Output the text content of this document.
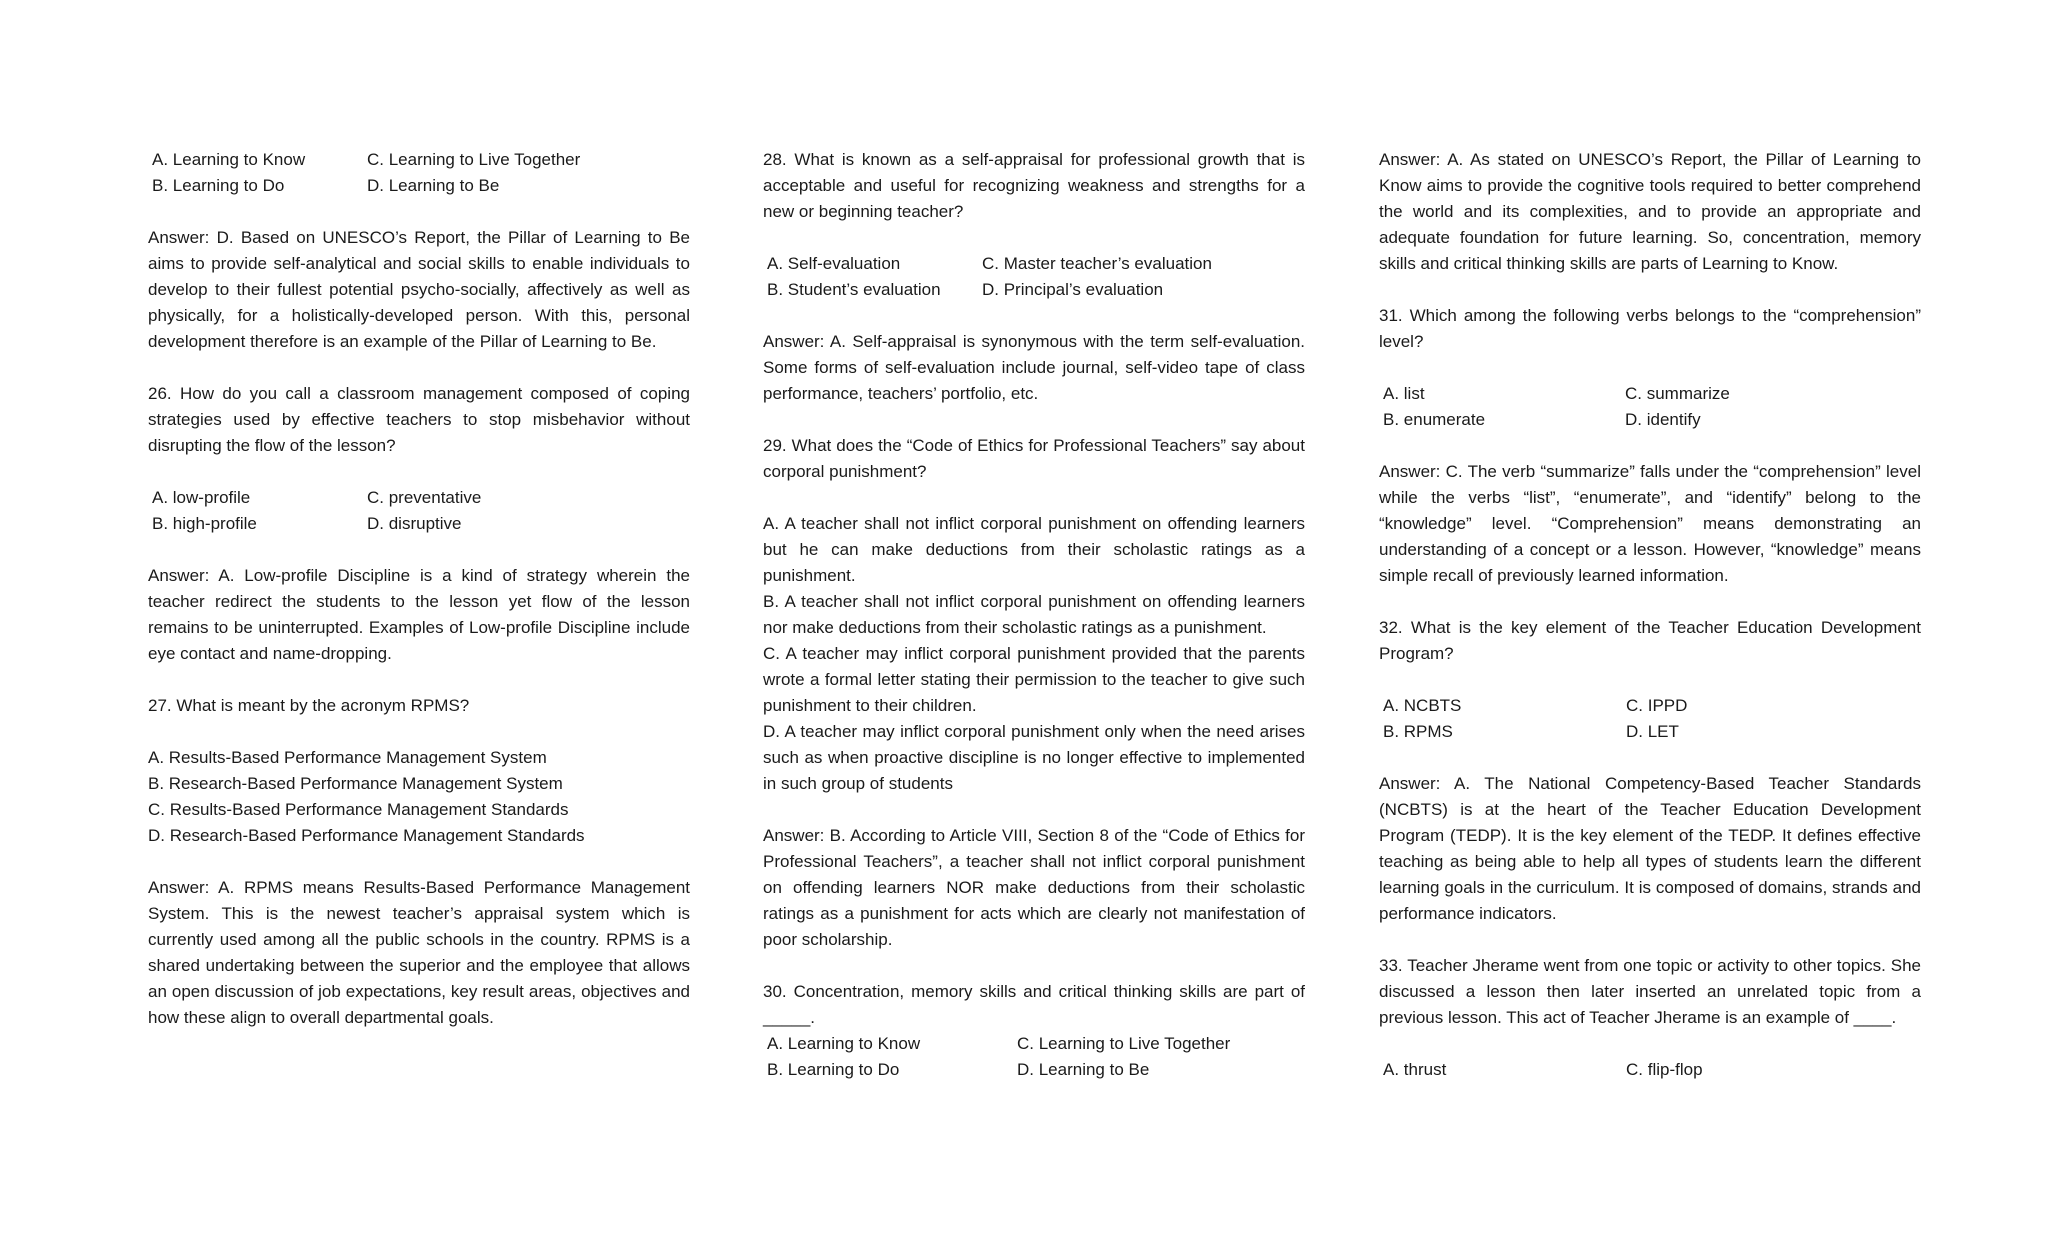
A. Learning to Know	C. Learning to Live Together
B. Learning to Do	D. Learning to Be

Answer: D. Based on UNESCO’s Report, the Pillar of Learning to Be aims to provide self-analytical and social skills to enable individuals to develop to their fullest potential psycho-socially, affectively as well as physically, for a holistically-developed person. With this, personal development therefore is an example of the Pillar of Learning to Be.

26. How do you call a classroom management composed of coping strategies used by effective teachers to stop misbehavior without disrupting the flow of the lesson?

A. low-profile	C. preventative
B. high-profile	D. disruptive

Answer: A. Low-profile Discipline is a kind of strategy wherein the teacher redirect the students to the lesson yet flow of the lesson remains to be uninterrupted. Examples of Low-profile Discipline include eye contact and name-dropping.

27. What is meant by the acronym RPMS?

A. Results-Based Performance Management System

B. Research-Based Performance Management System

C. Results-Based Performance Management Standards

D. Research-Based Performance Management Standards

Answer: A. RPMS means Results-Based Performance Management System. This is the newest teacher’s appraisal system which is currently used among all the public schools in the country. RPMS is a shared undertaking between the superior and the employee that allows an open discussion of job expectations, key result areas, objectives and how these align to overall departmental goals.

28. What is known as a self-appraisal for professional growth that is acceptable and useful for recognizing weakness and strengths for a new or beginning teacher?

A. Self-evaluation	C. Master teacher’s evaluation
B. Student’s evaluation	D. Principal’s evaluation

Answer: A. Self-appraisal is synonymous with the term self-evaluation. Some forms of self-evaluation include journal, self-video tape of class performance, teachers’ portfolio, etc.

29. What does the “Code of Ethics for Professional Teachers” say about corporal punishment?

A. A teacher shall not inflict corporal punishment on offending learners but he can make deductions from their scholastic ratings as a punishment.

B. A teacher shall not inflict corporal punishment on offending learners nor make deductions from their scholastic ratings as a punishment.

C. A teacher may inflict corporal punishment provided that the parents wrote a formal letter stating their permission to the teacher to give such punishment to their children.

D. A teacher may inflict corporal punishment only when the need arises such as when proactive discipline is no longer effective to implemented in such group of students

Answer: B. According to Article VIII, Section 8 of the “Code of Ethics for Professional Teachers”, a teacher shall not inflict corporal punishment on offending learners NOR make deductions from their scholastic ratings as a punishment for acts which are clearly not manifestation of poor scholarship.

30. Concentration, memory skills and critical thinking skills are part of _____.

A. Learning to Know	C. Learning to Live Together
B. Learning to Do	D. Learning to Be

Answer: A. As stated on UNESCO’s Report, the Pillar of Learning to Know aims to provide the cognitive tools required to better comprehend the world and its complexities, and to provide an appropriate and adequate foundation for future learning. So, concentration, memory skills and critical thinking skills are parts of Learning to Know.

31. Which among the following verbs belongs to the “comprehension” level?

A. list	C. summarize
B. enumerate	D. identify

Answer: C. The verb “summarize” falls under the “comprehension” level while the verbs “list”, “enumerate”, and “identify” belong to the “knowledge” level. “Comprehension” means demonstrating an understanding of a concept or a lesson. However, “knowledge” means simple recall of previously learned information.

32. What is the key element of the Teacher Education Development Program?

A. NCBTS	C. IPPD
B. RPMS	D. LET

Answer: A. The National Competency-Based Teacher Standards (NCBTS) is at the heart of the Teacher Education Development Program (TEDP). It is the key element of the TEDP. It defines effective teaching as being able to help all types of students learn the different learning goals in the curriculum. It is composed of domains, strands and performance indicators.

33. Teacher Jherame went from one topic or activity to other topics. She discussed a lesson then later inserted an unrelated topic from a previous lesson. This act of Teacher Jherame is an example of ____.

A. thrust	C. flip-flop
